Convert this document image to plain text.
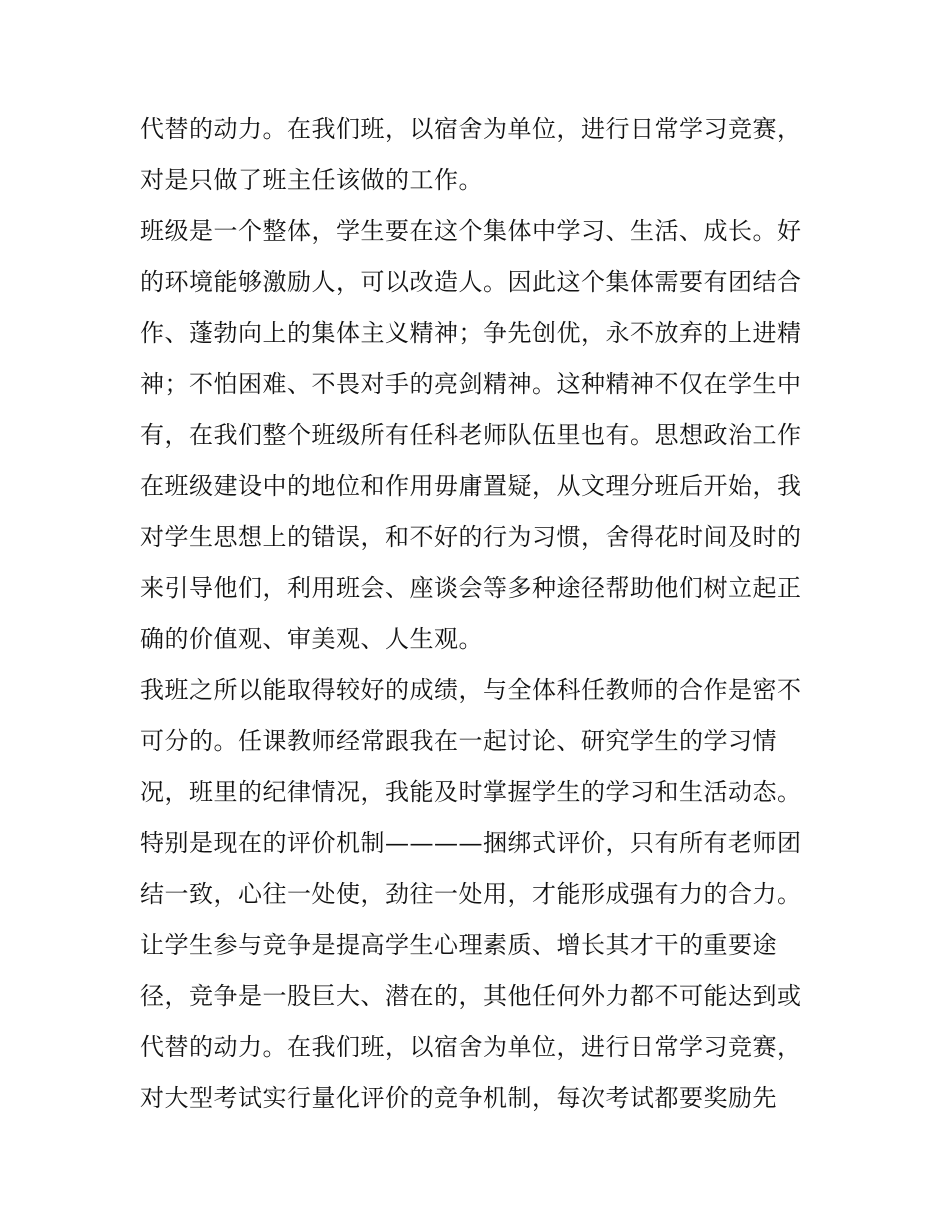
代替的动力。在我们班，以宿舍为单位，进行日常学习竞赛，
对是只做了班主任该做的工作。
班级是一个整体，学生要在这个集体中学习、生活、成长。好
的环境能够激励人，可以改造人。因此这个集体需要有团结合
作、蓬勃向上的集体主义精神；争先创优，永不放弃的上进精
神；不怕困难、不畏对手的亮剑精神。这种精神不仅在学生中
有，在我们整个班级所有任科老师队伍里也有。思想政治工作
在班级建设中的地位和作用毋庸置疑，从文理分班后开始，我
对学生思想上的错误，和不好的行为习惯，舍得花时间及时的
来引导他们，利用班会、座谈会等多种途径帮助他们树立起正
确的价值观、审美观、人生观。
我班之所以能取得较好的成绩，与全体科任教师的合作是密不
可分的。任课教师经常跟我在一起讨论、研究学生的学习情
况，班里的纪律情况，我能及时掌握学生的学习和生活动态。
特别是现在的评价机制————捆绑式评价，只有所有老师团
结一致，心往一处使，劲往一处用，才能形成强有力的合力。
让学生参与竞争是提高学生心理素质、增长其才干的重要途
径，竞争是一股巨大、潜在的，其他任何外力都不可能达到或
代替的动力。在我们班，以宿舍为单位，进行日常学习竞赛，
对大型考试实行量化评价的竞争机制，每次考试都要奖励先
